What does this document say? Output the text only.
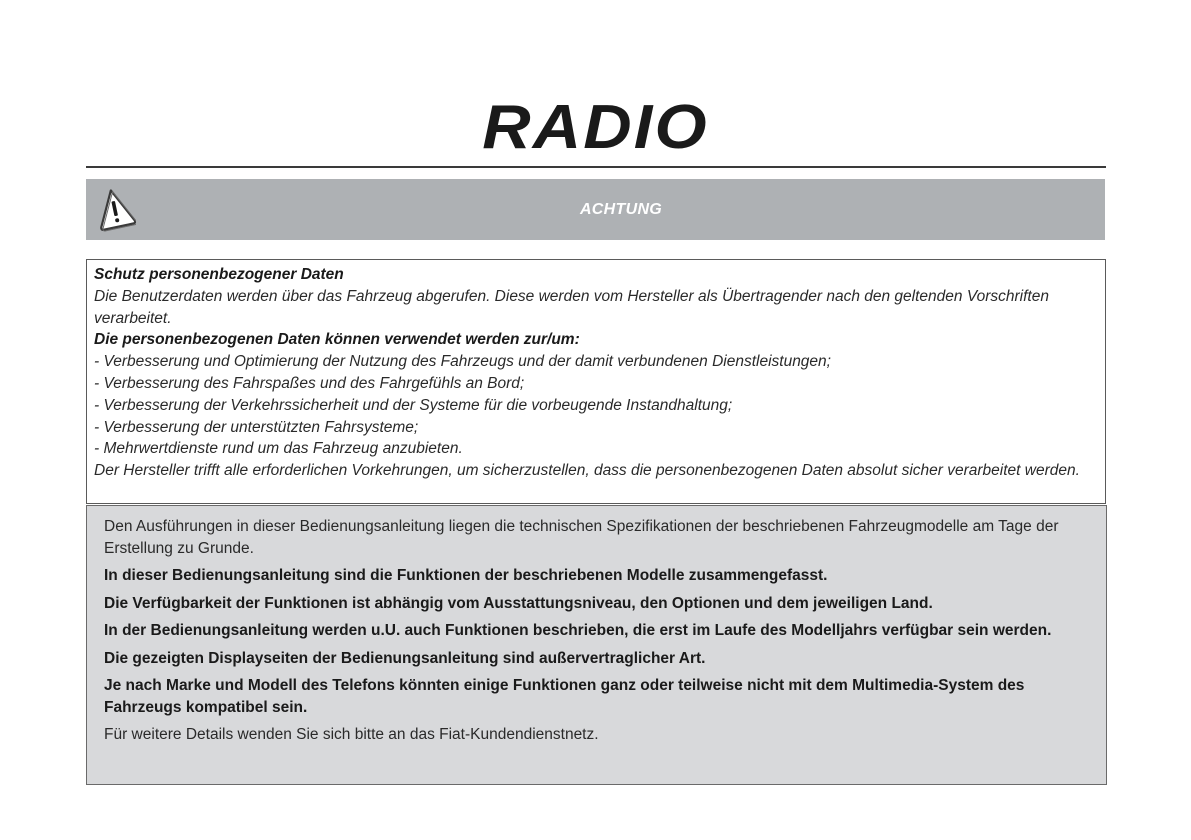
RADIO
ACHTUNG

Schutz personenbezogener Daten

Die Benutzerdaten werden über das Fahrzeug abgerufen. Diese werden vom Hersteller als Übertragender nach den geltenden Vorschriften verarbeitet.

Die personenbezogenen Daten können verwendet werden zur/um:

- Verbesserung und Optimierung der Nutzung des Fahrzeugs und der damit verbundenen Dienstleistungen;

- Verbesserung des Fahrspaßes und des Fahrgefühls an Bord;

- Verbesserung der Verkehrssicherheit und der Systeme für die vorbeugende Instandhaltung;

- Verbesserung der unterstützten Fahrsysteme;

- Mehrwertdienste rund um das Fahrzeug anzubieten.

Der Hersteller trifft alle erforderlichen Vorkehrungen, um sicherzustellen, dass die personenbezogenen Daten absolut sicher verarbeitet werden.

Den Ausführungen in dieser Bedienungsanleitung liegen die technischen Spezifikationen der beschriebenen Fahrzeugmodelle am Tage der Erstellung zu Grunde.

In dieser Bedienungsanleitung sind die Funktionen der beschriebenen Modelle zusammengefasst.

Die Verfügbarkeit der Funktionen ist abhängig vom Ausstattungsniveau, den Optionen und dem jeweiligen Land.

In der Bedienungsanleitung werden u.U. auch Funktionen beschrieben, die erst im Laufe des Modelljahrs verfügbar sein werden.

Die gezeigten Displayseiten der Bedienungsanleitung sind außervertraglicher Art.

Je nach Marke und Modell des Telefons könnten einige Funktionen ganz oder teilweise nicht mit dem Multimedia-System des Fahrzeugs kompatibel sein.

Für weitere Details wenden Sie sich bitte an das Fiat-Kundendienstnetz.
